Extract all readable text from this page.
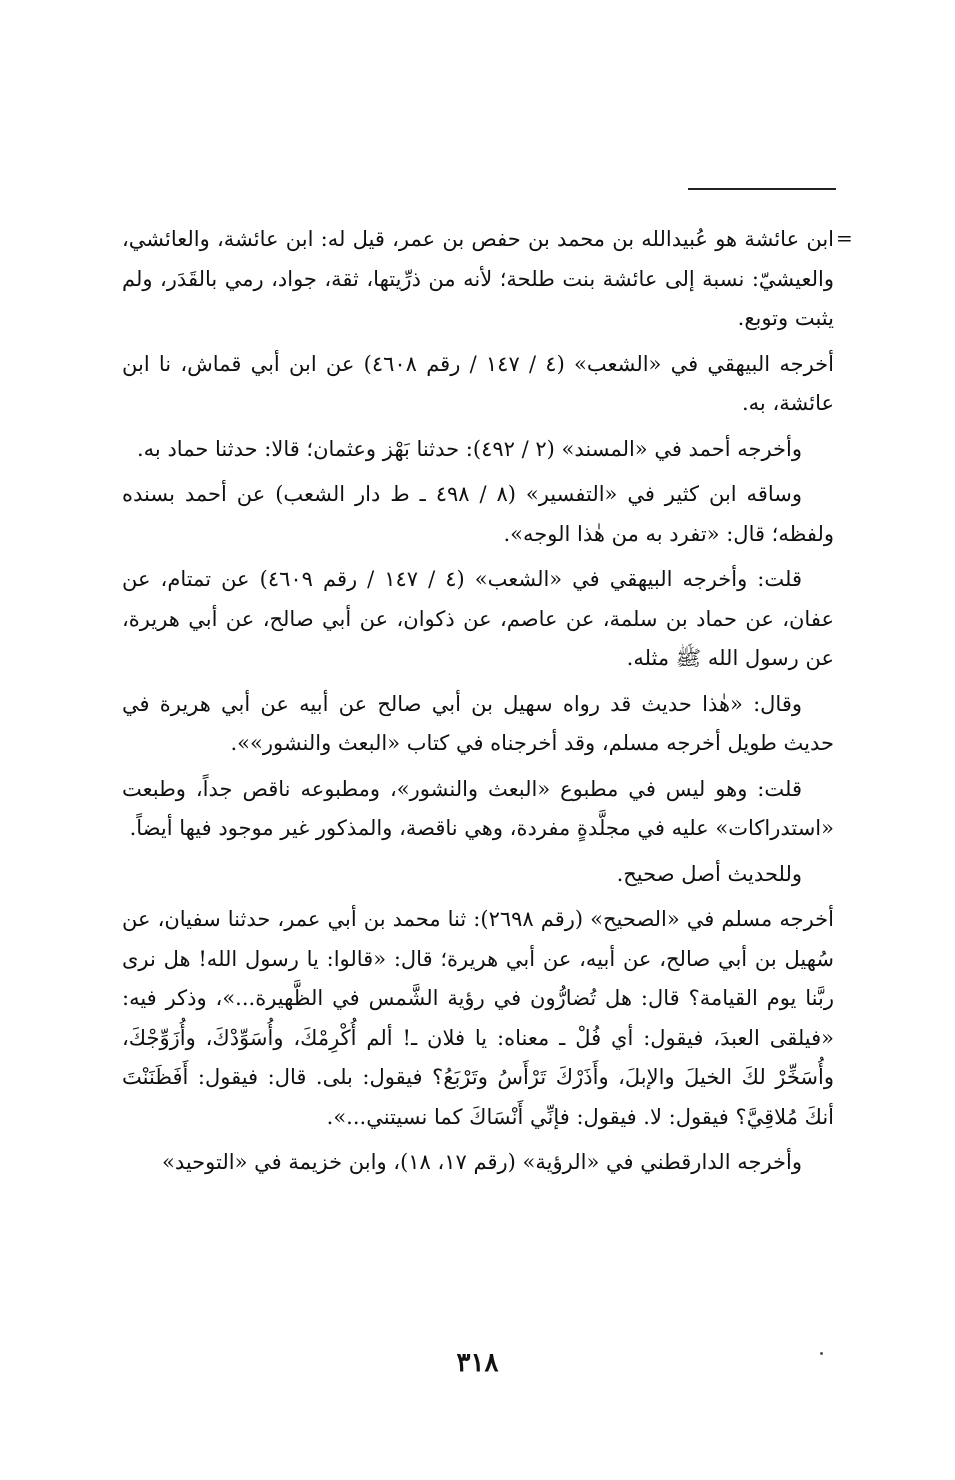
=

ابن عائشة هو عُبيدالله بن محمد بن حفص بن عمر، قيل له: ابن عائشة، والعائشي، والعيشيّ: نسبة إلى عائشة بنت طلحة؛ لأنه من ذرِّيتها، ثقة، جواد، رمي بالقَدَر، ولم يثبت وتوبع.

أخرجه البيهقي في «الشعب» (٤ / ١٤٧ / رقم ٤٦٠٨) عن ابن أبي قماش، نا ابن عائشة، به.

وأخرجه أحمد في «المسند» (٢ / ٤٩٢): حدثنا بَهْز وعثمان؛ قالا: حدثنا حماد به.

وساقه ابن كثير في «التفسير» (٨ / ٤٩٨ ـ ط دار الشعب) عن أحمد بسنده ولفظه؛ قال: «تفرد به من هٰذا الوجه».

قلت: وأخرجه البيهقي في «الشعب» (٤ / ١٤٧ / رقم ٤٦٠٩) عن تمتام، عن عفان، عن حماد بن سلمة، عن عاصم، عن ذكوان، عن أبي صالح، عن أبي هريرة، عن رسول الله ﷺ مثله.

وقال: «هٰذا حديث قد رواه سهيل بن أبي صالح عن أبيه عن أبي هريرة في حديث طويل أخرجه مسلم، وقد أخرجناه في كتاب «البعث والنشور»».

قلت: وهو ليس في مطبوع «البعث والنشور»، ومطبوعه ناقص جداً، وطبعت «استدراكات» عليه في مجلَّدةٍ مفردة، وهي ناقصة، والمذكور غير موجود فيها أيضاً.

وللحديث أصل صحيح.

أخرجه مسلم في «الصحيح» (رقم ٢٦٩٨): ثنا محمد بن أبي عمر، حدثنا سفيان، عن سُهيل بن أبي صالح، عن أبيه، عن أبي هريرة؛ قال: «قالوا: يا رسول الله! هل نرى ربَّنا يوم القيامة؟ قال: هل تُضارُّون في رؤية الشَّمس في الظَّهيرة...»، وذكر فيه: «فيلقى العبدَ، فيقول: أي فُلْ ـ معناه: يا فلان ـ! ألم أُكْرِمْكَ، وأُسَوِّدْكَ، وأُزَوِّجْكَ، وأُسَخِّرْ لكَ الخيلَ والإبلَ، وأَذَرْكَ تَرْأَسُ وتَرْبَعُ؟ فيقول: بلى. قال: فيقول: أَفَظَنَنْتَ أنكَ مُلاقِيَّ؟ فيقول: لا. فيقول: فإنِّي أَنْسَاكَ كما نسيتني...».

وأخرجه الدارقطني في «الرؤية» (رقم ١٧، ١٨)، وابن خزيمة في «التوحيد»

٣١٨
